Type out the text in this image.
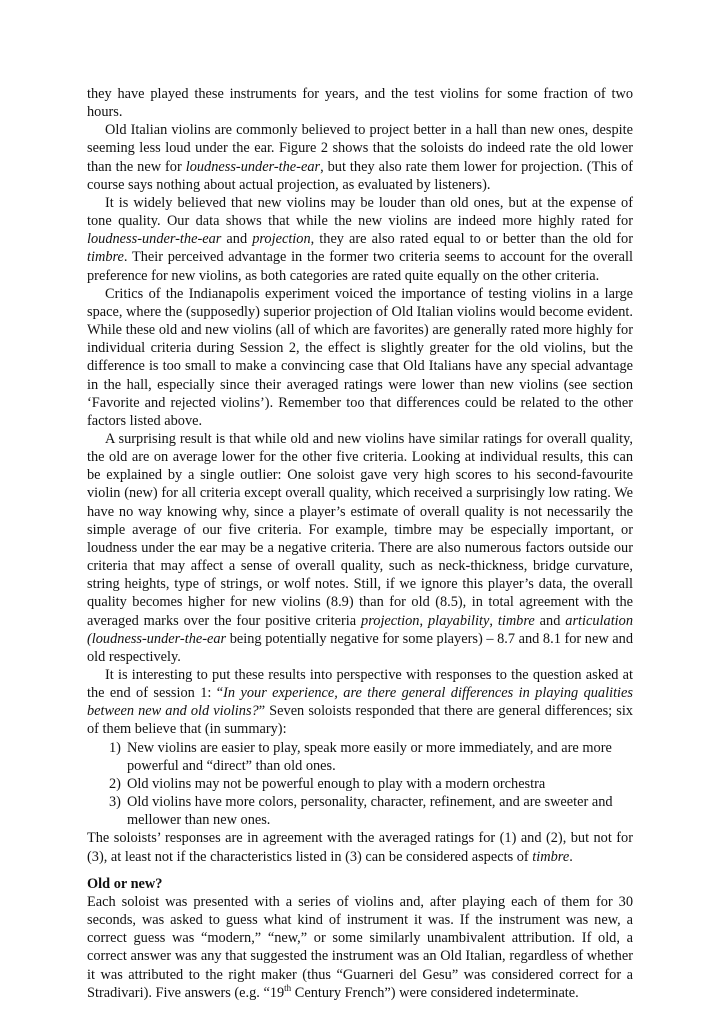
they have played these instruments for years, and the test violins for some fraction of two hours.

Old Italian violins are commonly believed to project better in a hall than new ones, despite seeming less loud under the ear. Figure 2 shows that the soloists do indeed rate the old lower than the new for loudness-under-the-ear, but they also rate them lower for projection. (This of course says nothing about actual projection, as evaluated by listeners).

It is widely believed that new violins may be louder than old ones, but at the expense of tone quality. Our data shows that while the new violins are indeed more highly rated for loudness-under-the-ear and projection, they are also rated equal to or better than the old for timbre. Their perceived advantage in the former two criteria seems to account for the overall preference for new violins, as both categories are rated quite equally on the other criteria.

Critics of the Indianapolis experiment voiced the importance of testing violins in a large space, where the (supposedly) superior projection of Old Italian violins would become evident. While these old and new violins (all of which are favorites) are generally rated more highly for individual criteria during Session 2, the effect is slightly greater for the old violins, but the difference is too small to make a convincing case that Old Italians have any special advantage in the hall, especially since their averaged ratings were lower than new violins (see section ‘Favorite and rejected violins’). Remember too that differences could be related to the other factors listed above.

A surprising result is that while old and new violins have similar ratings for overall quality, the old are on average lower for the other five criteria. Looking at individual results, this can be explained by a single outlier: One soloist gave very high scores to his second-favourite violin (new) for all criteria except overall quality, which received a surprisingly low rating. We have no way knowing why, since a player’s estimate of overall quality is not necessarily the simple average of our five criteria. For example, timbre may be especially important, or loudness under the ear may be a negative criteria. There are also numerous factors outside our criteria that may affect a sense of overall quality, such as neck-thickness, bridge curvature, string heights, type of strings, or wolf notes. Still, if we ignore this player’s data, the overall quality becomes higher for new violins (8.9) than for old (8.5), in total agreement with the averaged marks over the four positive criteria projection, playability, timbre and articulation (loudness-under-the-ear being potentially negative for some players) – 8.7 and 8.1 for new and old respectively.

It is interesting to put these results into perspective with responses to the question asked at the end of session 1: “In your experience, are there general differences in playing qualities between new and old violins?” Seven soloists responded that there are general differences; six of them believe that (in summary):

1) New violins are easier to play, speak more easily or more immediately, and are more
powerful and “direct” than old ones.
2) Old violins may not be powerful enough to play with a modern orchestra
3) Old violins have more colors, personality, character, refinement, and are sweeter and
mellower than new ones.

The soloists’ responses are in agreement with the averaged ratings for (1) and (2), but not for (3), at least not if the characteristics listed in (3) can be considered aspects of timbre.

Old or new?

Each soloist was presented with a series of violins and, after playing each of them for 30 seconds, was asked to guess what kind of instrument it was. If the instrument was new, a correct guess was “modern,” “new,” or some similarly unambivalent attribution. If old, a correct answer was any that suggested the instrument was an Old Italian, regardless of whether it was attributed to the right maker (thus “Guarneri del Gesu” was considered correct for a Stradivari). Five answers (e.g. “19th Century French”) were considered indeterminate.
